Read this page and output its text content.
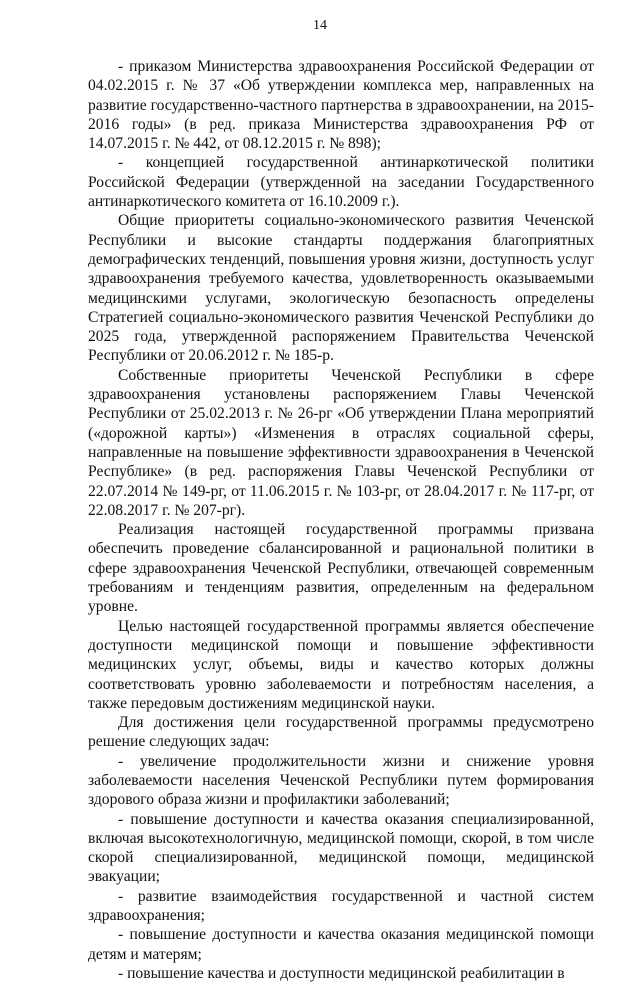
14

- приказом Министерства здравоохранения Российской Федерации от 04.02.2015 г. № 37 «Об утверждении комплекса мер, направленных на развитие государственно-частного партнерства в здравоохранении, на 2015-2016 годы» (в ред. приказа Министерства здравоохранения РФ от 14.07.2015 г. № 442, от 08.12.2015 г. № 898);

- концепцией государственной антинаркотической политики Российской Федерации (утвержденной на заседании Государственного антинаркотического комитета от 16.10.2009 г.).

Общие приоритеты социально-экономического развития Чеченской Республики и высокие стандарты поддержания благоприятных демографических тенденций, повышения уровня жизни, доступность услуг здравоохранения требуемого качества, удовлетворенность оказываемыми медицинскими услугами, экологическую безопасность определены Стратегией социально-экономического развития Чеченской Республики до 2025 года, утвержденной распоряжением Правительства Чеченской Республики от 20.06.2012 г. № 185-р.

Собственные приоритеты Чеченской Республики в сфере здравоохранения установлены распоряжением Главы Чеченской Республики от 25.02.2013 г. № 26-рг «Об утверждении Плана мероприятий («дорожной карты») «Изменения в отраслях социальной сферы, направленные на повышение эффективности здравоохранения в Чеченской Республике» (в ред. распоряжения Главы Чеченской Республики от 22.07.2014 № 149-рг, от 11.06.2015 г. № 103-рг, от 28.04.2017 г. № 117-рг, от 22.08.2017 г. № 207-рг).

Реализация настоящей государственной программы призвана обеспечить проведение сбалансированной и рациональной политики в сфере здравоохранения Чеченской Республики, отвечающей современным требованиям и тенденциям развития, определенным на федеральном уровне.

Целью настоящей государственной программы является обеспечение доступности медицинской помощи и повышение эффективности медицинских услуг, объемы, виды и качество которых должны соответствовать уровню заболеваемости и потребностям населения, а также передовым достижениям медицинской науки.

Для достижения цели государственной программы предусмотрено решение следующих задач:

- увеличение продолжительности жизни и снижение уровня заболеваемости населения Чеченской Республики путем формирования здорового образа жизни и профилактики заболеваний;

- повышение доступности и качества оказания специализированной, включая высокотехнологичную, медицинской помощи, скорой, в том числе скорой специализированной, медицинской помощи, медицинской эвакуации;

- развитие взаимодействия государственной и частной систем здравоохранения;

- повышение доступности и качества оказания медицинской помощи детям и матерям;

- повышение качества и доступности медицинской реабилитации в
